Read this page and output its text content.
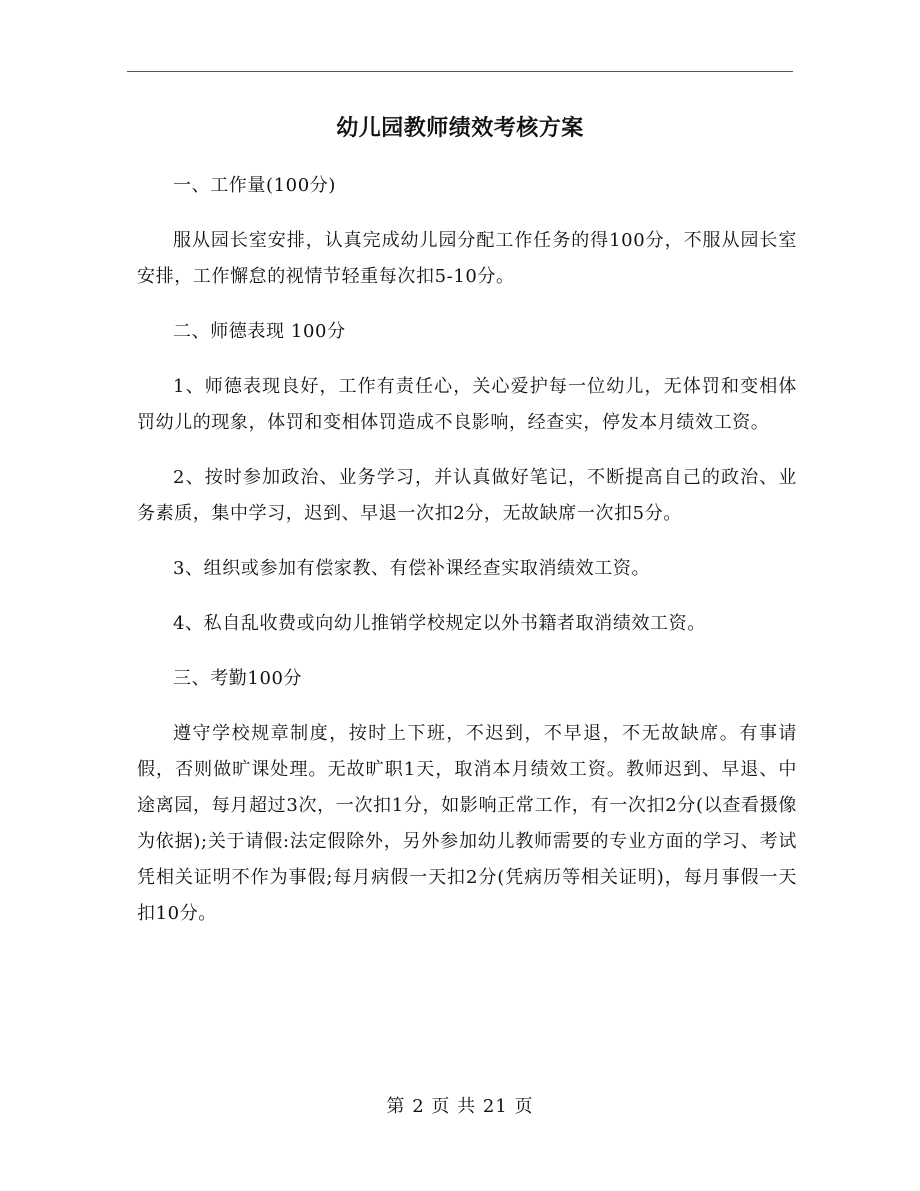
幼儿园教师绩效考核方案

一、工作量(100分)

服从园长室安排，认真完成幼儿园分配工作任务的得100分，不服从园长室安排，工作懈怠的视情节轻重每次扣5-10分。

二、师德表现 100分

1、师德表现良好，工作有责任心，关心爱护每一位幼儿，无体罚和变相体罚幼儿的现象，体罚和变相体罚造成不良影响，经查实，停发本月绩效工资。

2、按时参加政治、业务学习，并认真做好笔记，不断提高自己的政治、业务素质，集中学习，迟到、早退一次扣2分，无故缺席一次扣5分。

3、组织或参加有偿家教、有偿补课经查实取消绩效工资。

4、私自乱收费或向幼儿推销学校规定以外书籍者取消绩效工资。

三、考勤100分

遵守学校规章制度，按时上下班，不迟到，不早退，不无故缺席。有事请假，否则做旷课处理。无故旷职1天，取消本月绩效工资。教师迟到、早退、中途离园，每月超过3次，一次扣1分，如影响正常工作，有一次扣2分(以查看摄像为依据);关于请假:法定假除外，另外参加幼儿教师需要的专业方面的学习、考试凭相关证明不作为事假;每月病假一天扣2分(凭病历等相关证明)，每月事假一天扣10分。

第 2 页 共 21 页
